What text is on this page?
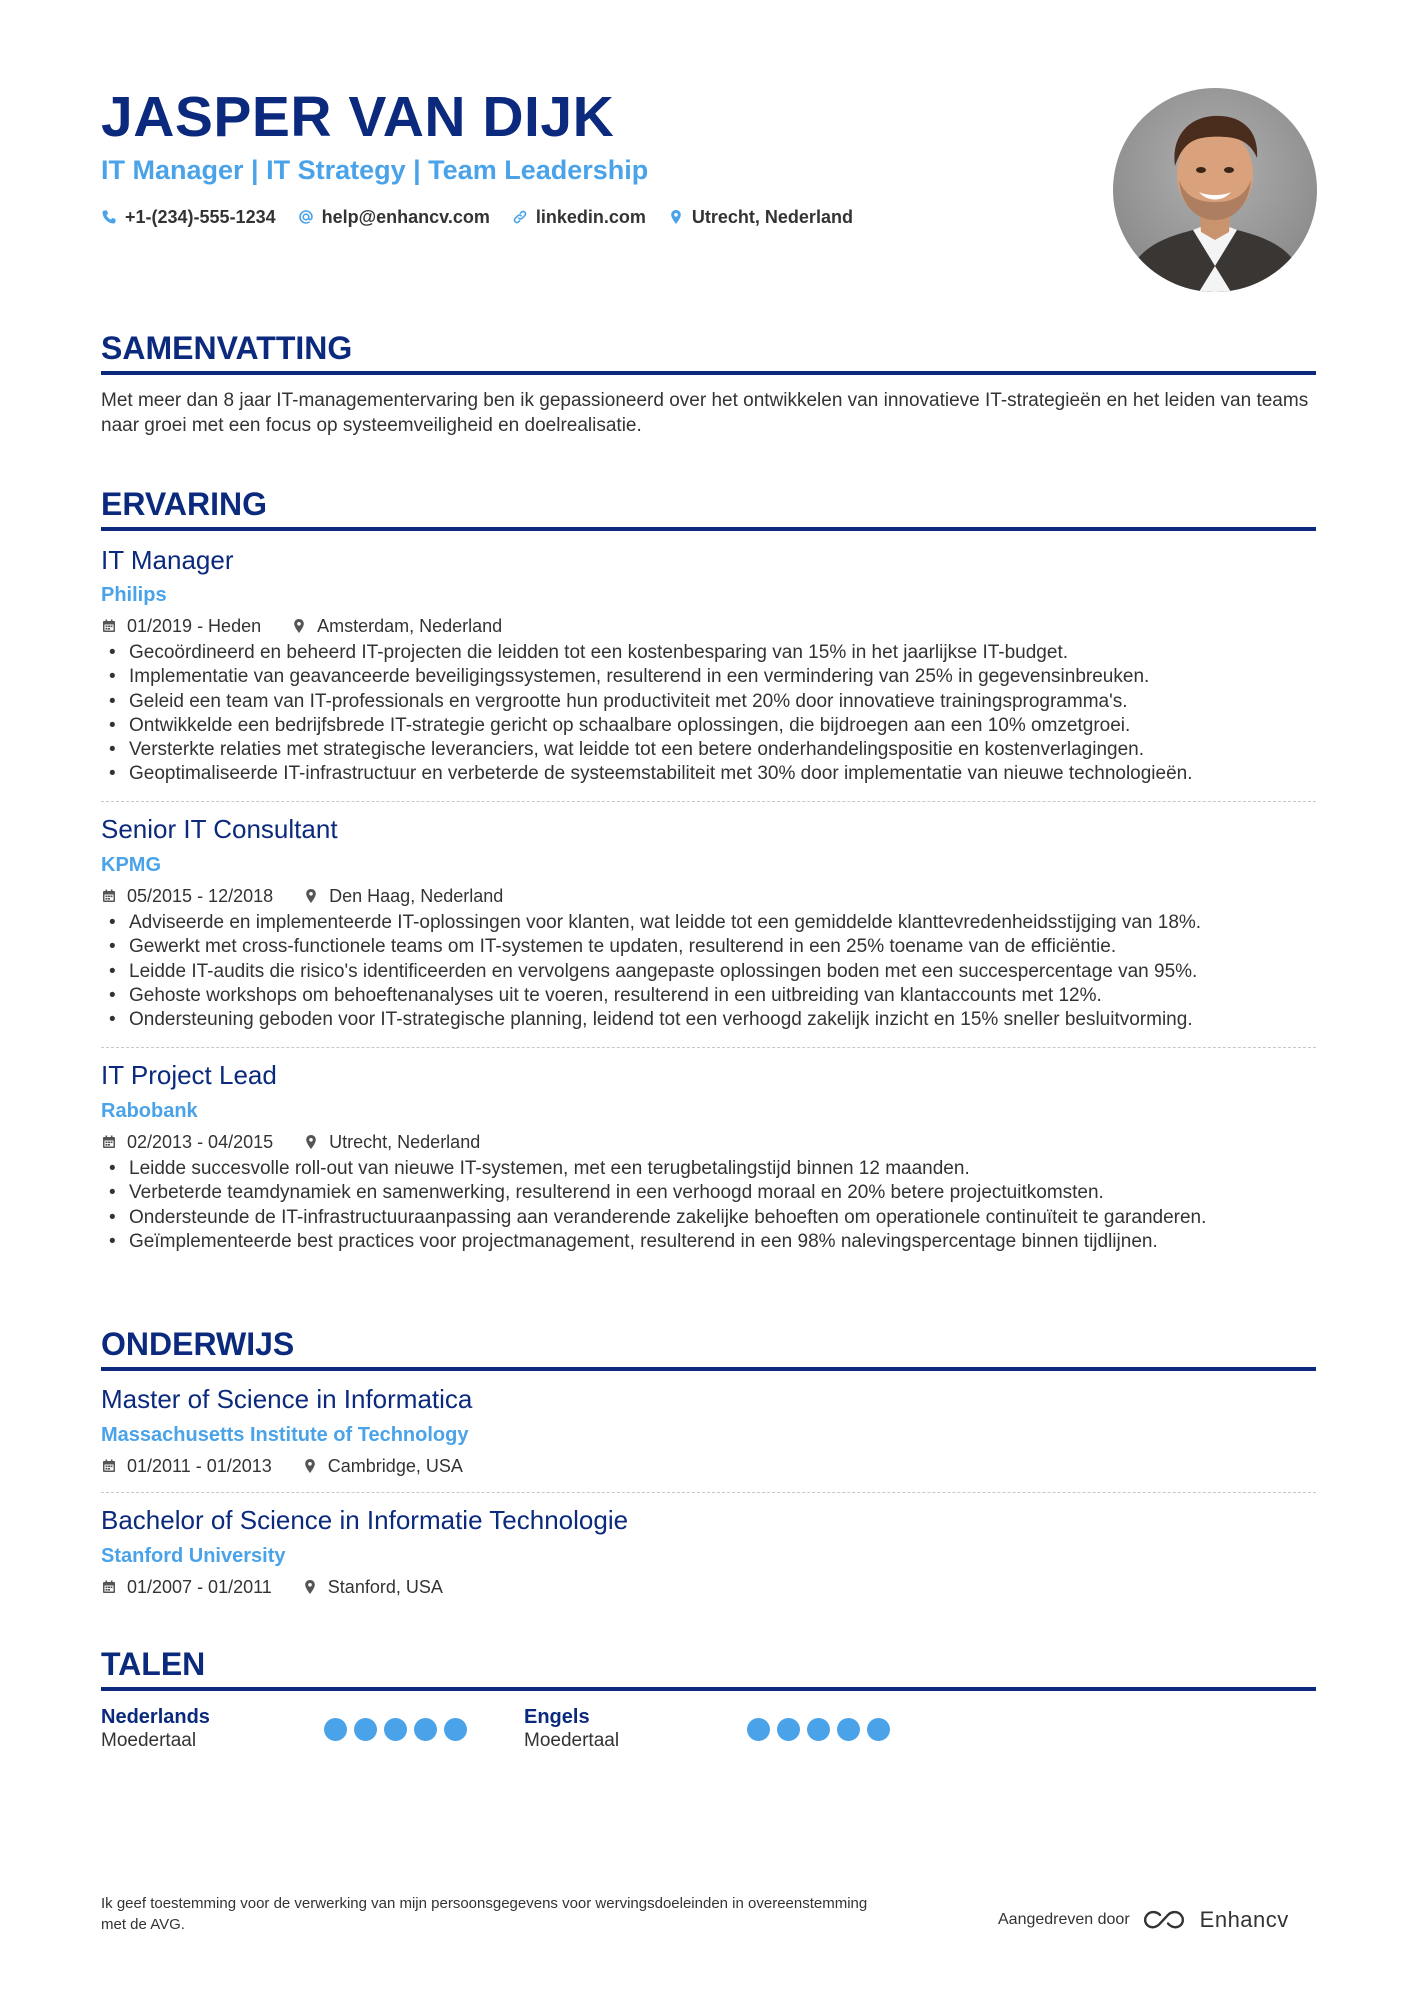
JASPER VAN DIJK
IT Manager | IT Strategy | Team Leadership
+1-(234)-555-1234	help@enhancv.com	linkedin.com	Utrecht, Nederland
SAMENVATTING

Met meer dan 8 jaar IT-managementervaring ben ik gepassioneerd over het ontwikkelen van innovatieve IT-strategieën en het leiden van teams naar groei met een focus op systeemveiligheid en doelrealisatie.

ERVARING
IT Manager
Philips
01/2019 - Heden	Amsterdam, Nederland
• Gecoördineerd en beheerd IT-projecten die leidden tot een kostenbesparing van 15% in het jaarlijkse IT-budget.
• Implementatie van geavanceerde beveiligingssystemen, resulterend in een vermindering van 25% in gegevensinbreuken.
• Geleid een team van IT-professionals en vergrootte hun productiviteit met 20% door innovatieve trainingsprogramma's.
• Ontwikkelde een bedrijfsbrede IT-strategie gericht op schaalbare oplossingen, die bijdroegen aan een 10% omzetgroei.
• Versterkte relaties met strategische leveranciers, wat leidde tot een betere onderhandelingspositie en kostenverlagingen.
• Geoptimaliseerde IT-infrastructuur en verbeterde de systeemstabiliteit met 30% door implementatie van nieuwe technologieën.
Senior IT Consultant
KPMG
05/2015 - 12/2018	Den Haag, Nederland
• Adviseerde en implementeerde IT-oplossingen voor klanten, wat leidde tot een gemiddelde klanttevredenheidsstijging van 18%.
• Gewerkt met cross-functionele teams om IT-systemen te updaten, resulterend in een 25% toename van de efficiëntie.
• Leidde IT-audits die risico's identificeerden en vervolgens aangepaste oplossingen boden met een succespercentage van 95%.
• Gehoste workshops om behoeftenanalyses uit te voeren, resulterend in een uitbreiding van klantaccounts met 12%.
• Ondersteuning geboden voor IT-strategische planning, leidend tot een verhoogd zakelijk inzicht en 15% sneller besluitvorming.
IT Project Lead
Rabobank
02/2013 - 04/2015	Utrecht, Nederland
• Leidde succesvolle roll-out van nieuwe IT-systemen, met een terugbetalingstijd binnen 12 maanden.
• Verbeterde teamdynamiek en samenwerking, resulterend in een verhoogd moraal en 20% betere projectuitkomsten.
• Ondersteunde de IT-infrastructuuraanpassing aan veranderende zakelijke behoeften om operationele continuïteit te garanderen.
• Geïmplementeerde best practices voor projectmanagement, resulterend in een 98% nalevingspercentage binnen tijdlijnen.
ONDERWIJS
Master of Science in Informatica
Massachusetts Institute of Technology
01/2011 - 01/2013	Cambridge, USA
Bachelor of Science in Informatie Technologie
Stanford University
01/2007 - 01/2011	Stanford, USA
TALEN
Nederlands
Moedertaal
Engels
Moedertaal

Ik geef toestemming voor de verwerking van mijn persoonsgegevens voor wervingsdoeleinden in overeenstemming met de AVG.	Aangedreven door	Enhancv
